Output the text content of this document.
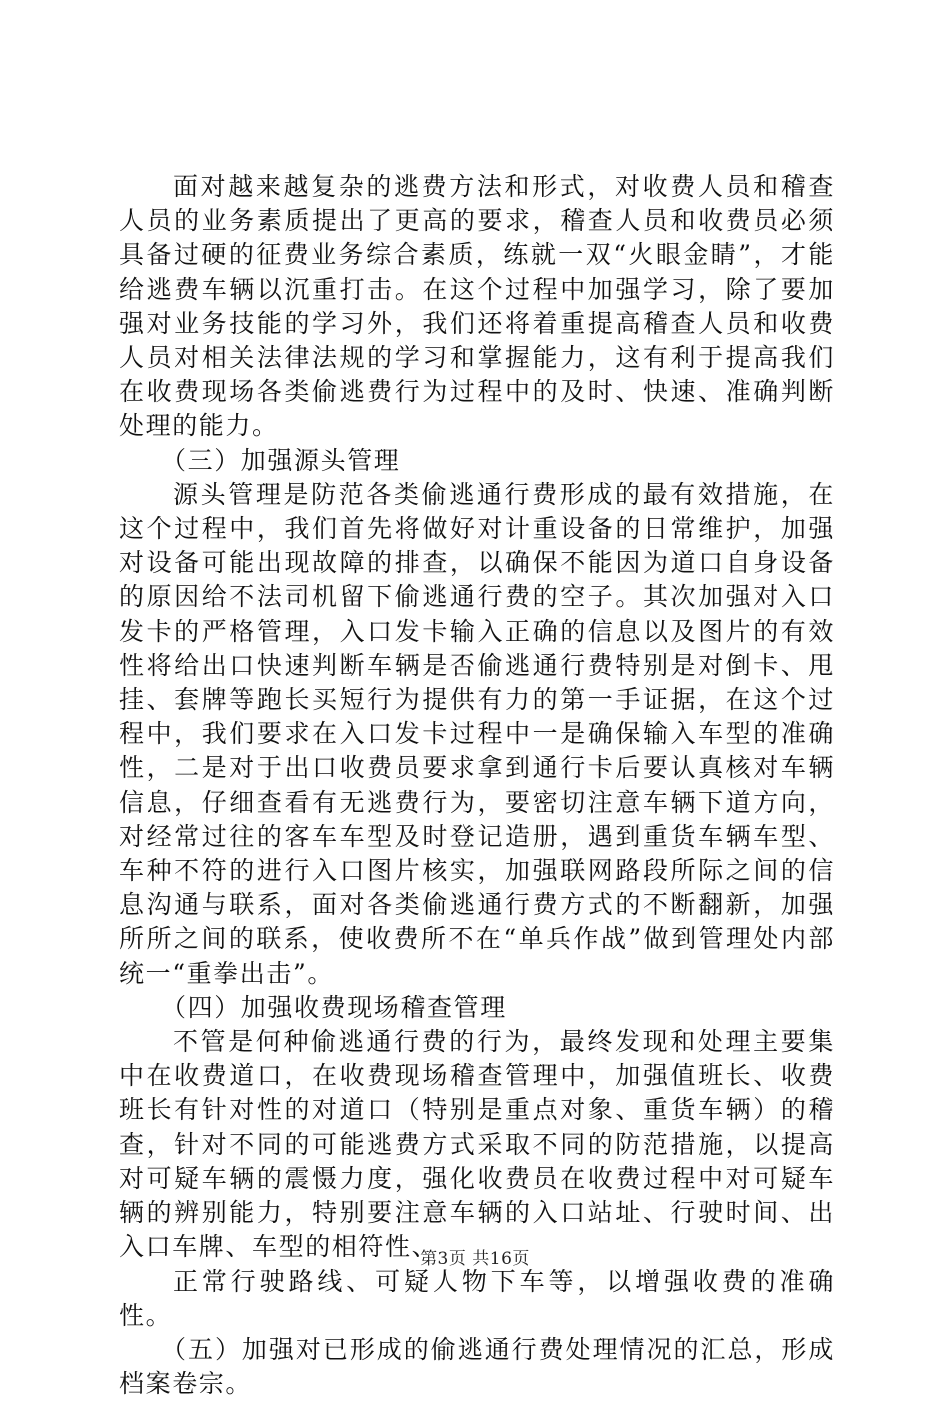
面对越来越复杂的逃费方法和形式，对收费人员和稽查人员的业务素质提出了更高的要求，稽查人员和收费员必须具备过硬的征费业务综合素质，练就一双“火眼金睛”，才能给逃费车辆以沉重打击。在这个过程中加强学习，除了要加强对业务技能的学习外，我们还将着重提高稽查人员和收费人员对相关法律法规的学习和掌握能力，这有利于提高我们在收费现场各类偷逃费行为过程中的及时、快速、准确判断处理的能力。

（三）加强源头管理

源头管理是防范各类偷逃通行费形成的最有效措施，在这个过程中，我们首先将做好对计重设备的日常维护，加强对设备可能出现故障的排查，以确保不能因为道口自身设备的原因给不法司机留下偷逃通行费的空子。其次加强对入口发卡的严格管理，入口发卡输入正确的信息以及图片的有效性将给出口快速判断车辆是否偷逃通行费特别是对倒卡、甩挂、套牌等跑长买短行为提供有力的第一手证据，在这个过程中，我们要求在入口发卡过程中一是确保输入车型的准确性，二是对于出口收费员要求拿到通行卡后要认真核对车辆信息，仔细查看有无逃费行为，要密切注意车辆下道方向，对经常过往的客车车型及时登记造册，遇到重货车辆车型、车种不符的进行入口图片核实，加强联网路段所际之间的信息沟通与联系，面对各类偷逃通行费方式的不断翻新，加强所所之间的联系，使收费所不在“单兵作战”做到管理处内部统一“重拳出击”。

（四）加强收费现场稽查管理

不管是何种偷逃通行费的行为，最终发现和处理主要集中在收费道口，在收费现场稽查管理中，加强值班长、收费班长有针对性的对道口（特别是重点对象、重货车辆）的稽查，针对不同的可能逃费方式采取不同的防范措施，以提高对可疑车辆的震慑力度，强化收费员在收费过程中对可疑车辆的辨别能力，特别要注意车辆的入口站址、行驶时间、出入口车牌、车型的相符性、

正常行驶路线、可疑人物下车等，以增强收费的准确性。

（五）加强对已形成的偷逃通行费处理情况的汇总，形成档案卷宗。

第3页 共16页
